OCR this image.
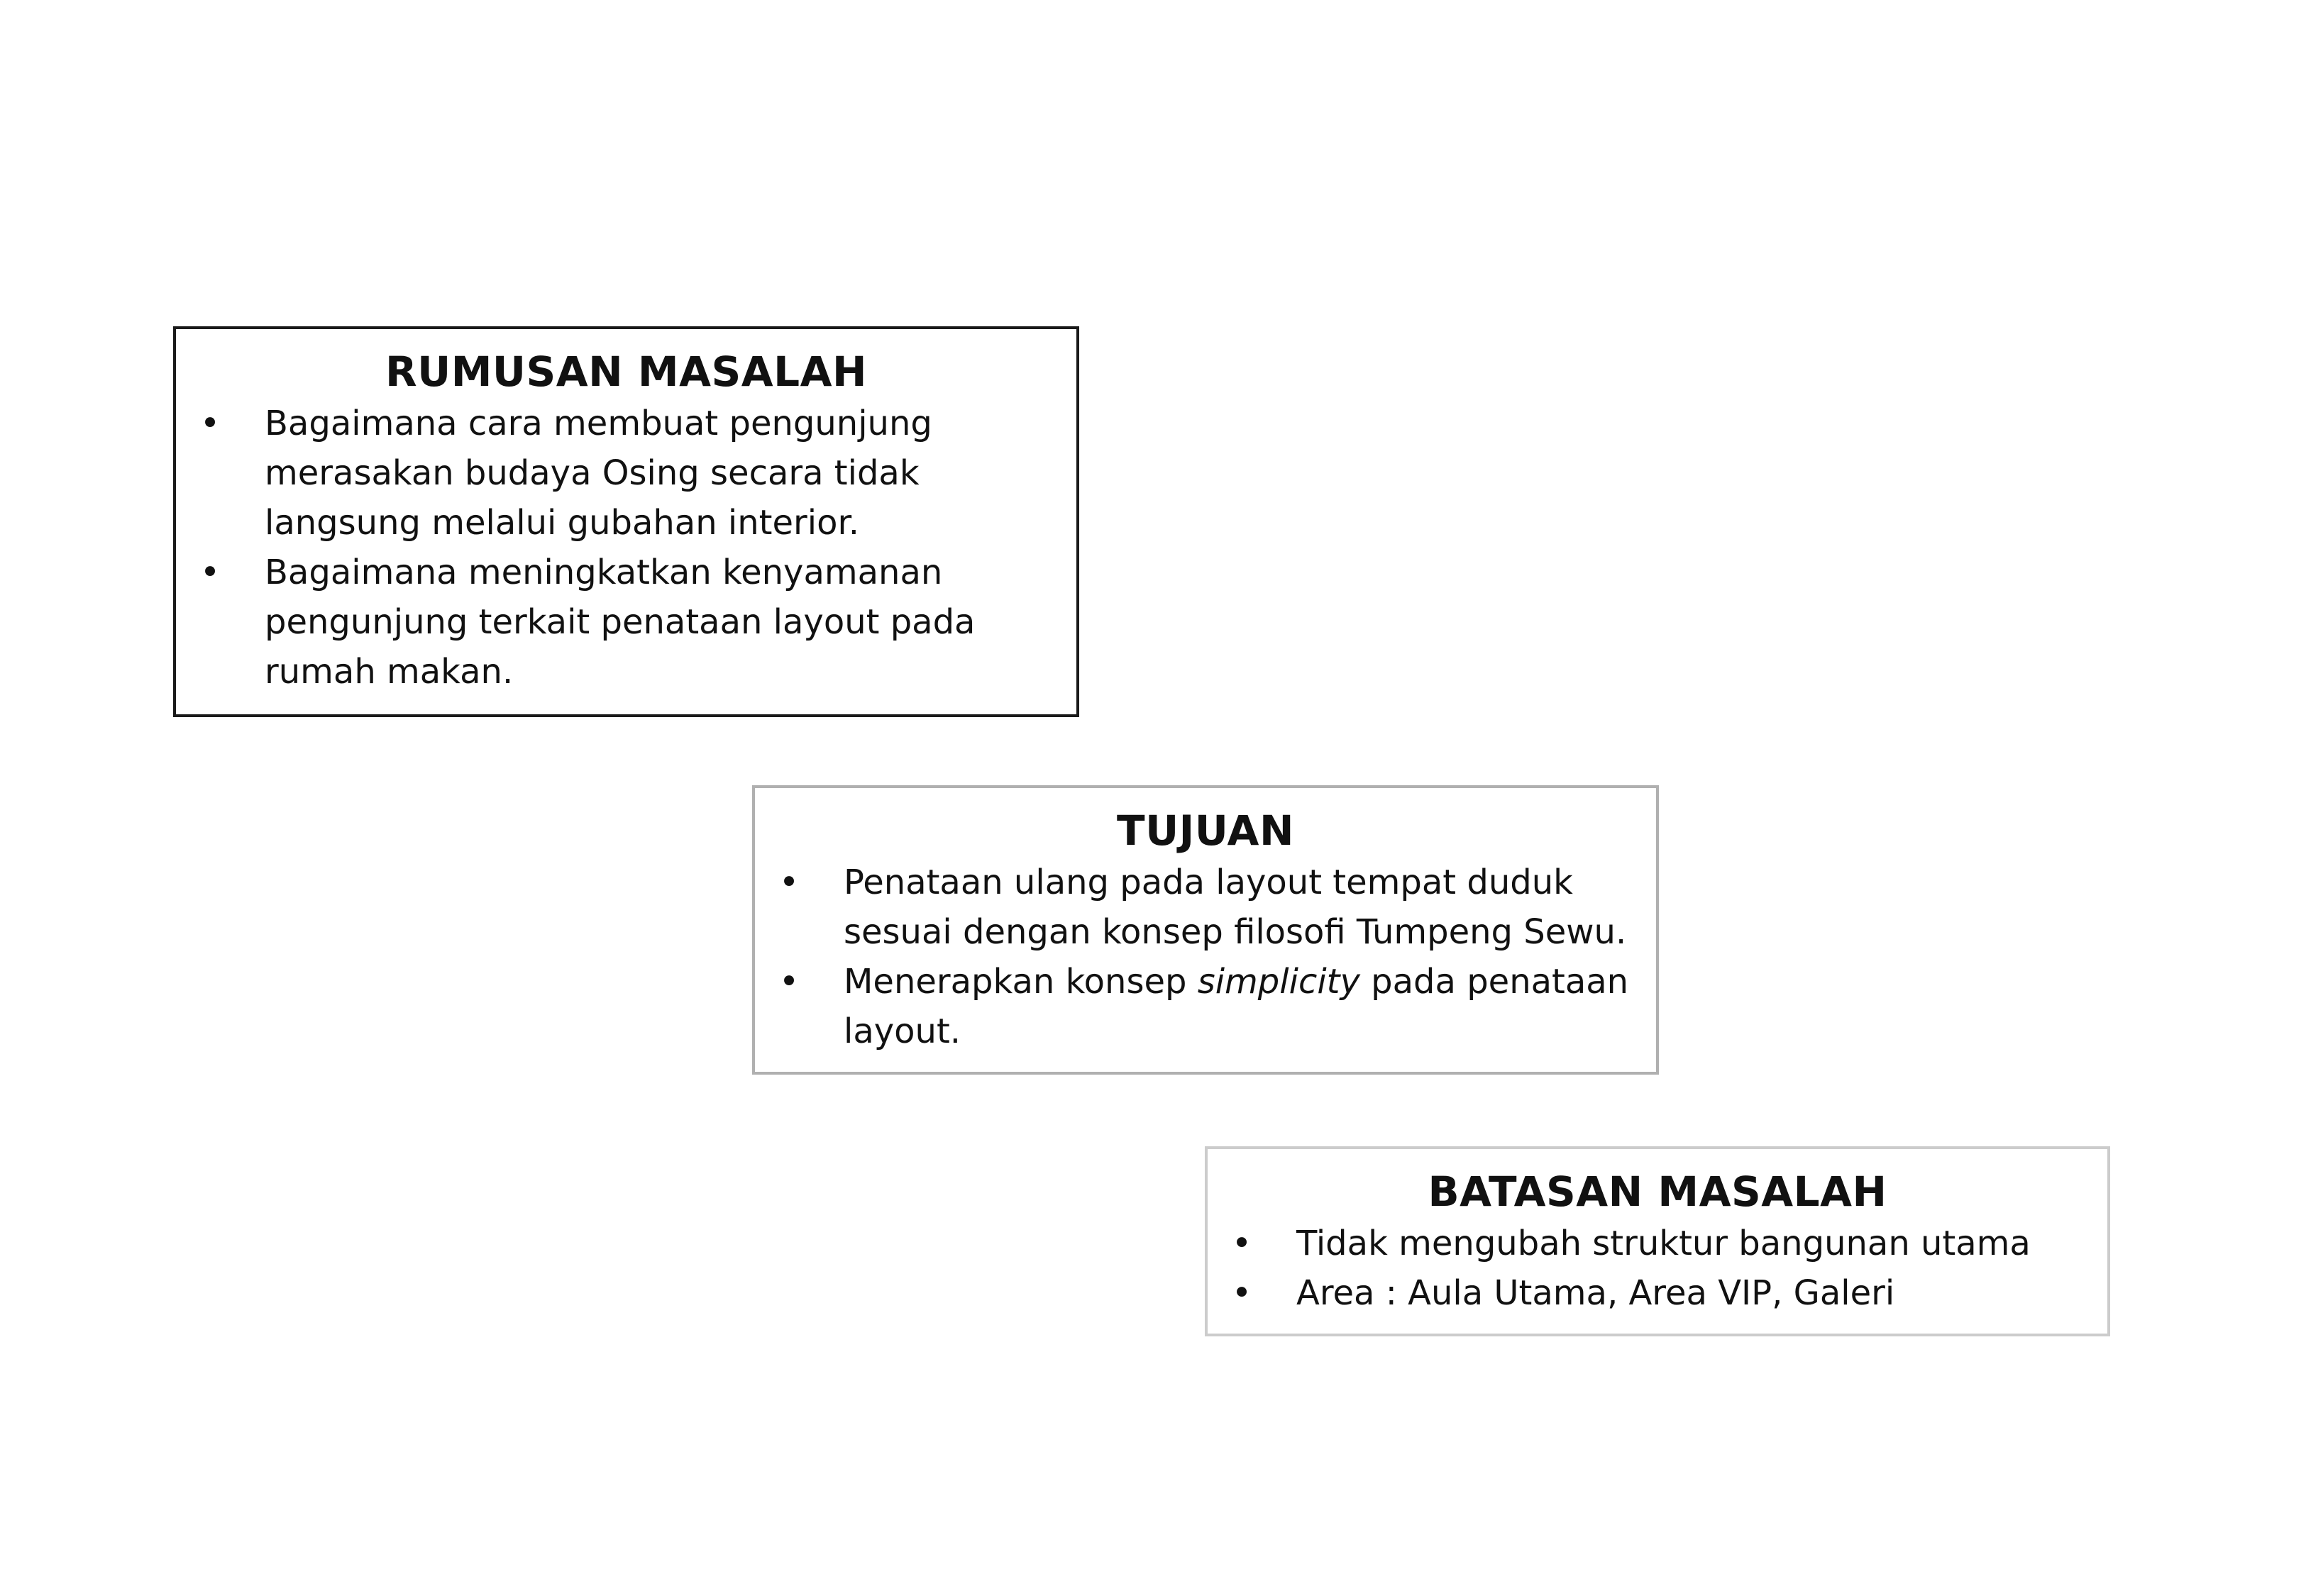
RUMUSAN MASALAH
• Bagaimana cara membuat pengunjung merasakan budaya Osing secara tidak langsung melalui gubahan interior.
• Bagaimana meningkatkan kenyamanan pengunjung terkait penataan layout pada rumah makan.
TUJUAN
• Penataan ulang pada layout tempat duduk sesuai dengan konsep filosofi Tumpeng Sewu.
• Menerapkan konsep simplicity pada penataan layout.
BATASAN MASALAH
• Tidak mengubah struktur bangunan utama
• Area : Aula Utama, Area VIP, Galeri
